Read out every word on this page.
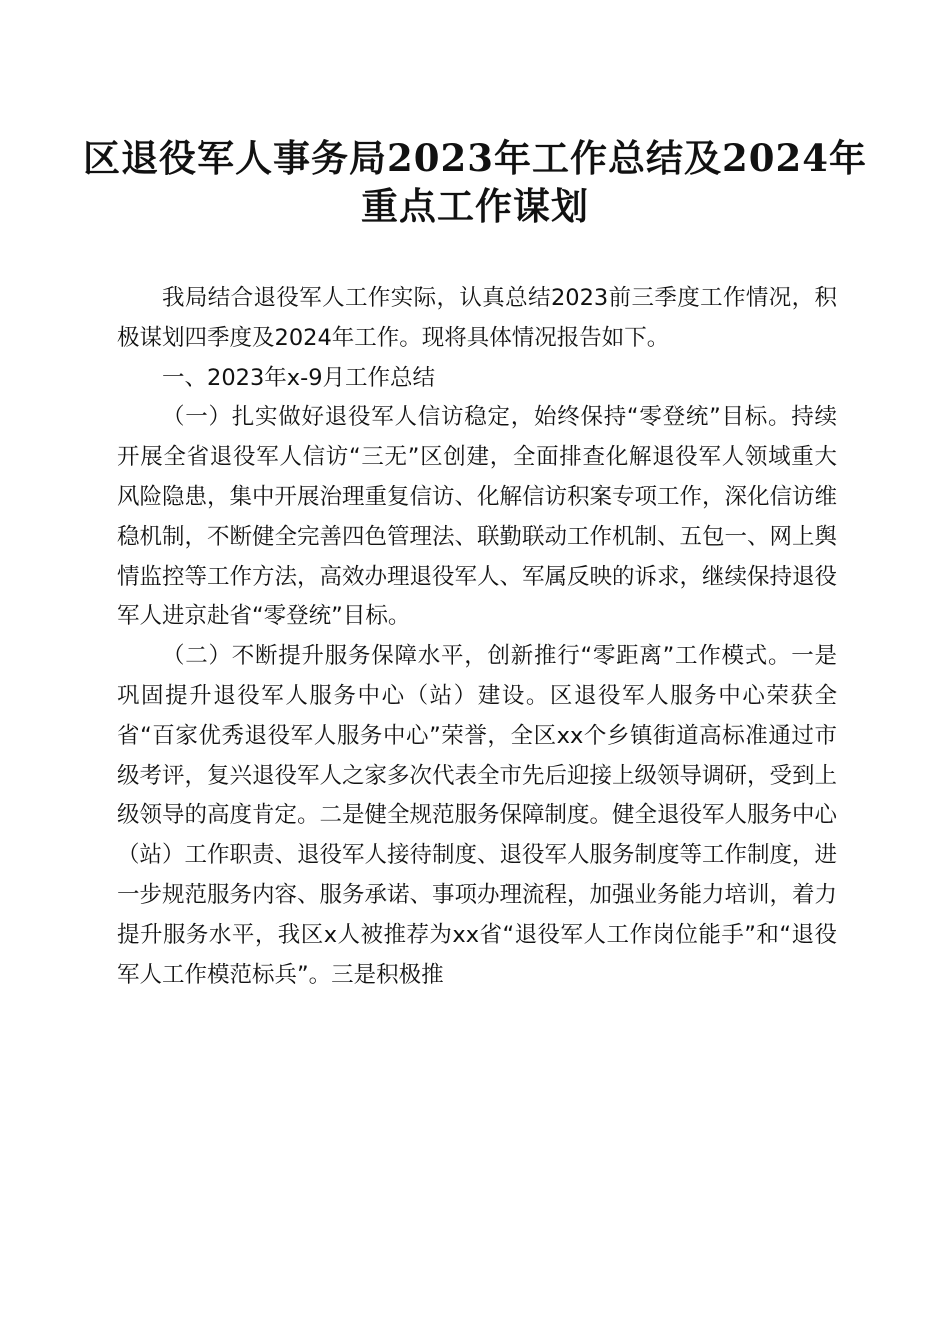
区退役军人事务局2023年工作总结及2024年
重点工作谋划

我局结合退役军人工作实际，认真总结2023前三季度工作情况，积极谋划四季度及2024年工作。现将具体情况报告如下。

一、2023年x-9月工作总结

（一）扎实做好退役军人信访稳定，始终保持“零登统”目标。持续开展全省退役军人信访“三无”区创建，全面排查化解退役军人领域重大风险隐患，集中开展治理重复信访、化解信访积案专项工作，深化信访维稳机制，不断健全完善四色管理法、联勤联动工作机制、五包一、网上舆情监控等工作方法，高效办理退役军人、军属反映的诉求，继续保持退役军人进京赴省“零登统”目标。

（二）不断提升服务保障水平，创新推行“零距离”工作模式。一是巩固提升退役军人服务中心（站）建设。区退役军人服务中心荣获全省“百家优秀退役军人服务中心”荣誉，全区xx个乡镇街道高标准通过市级考评，复兴退役军人之家多次代表全市先后迎接上级领导调研，受到上级领导的高度肯定。二是健全规范服务保障制度。健全退役军人服务中心（站）工作职责、退役军人接待制度、退役军人服务制度等工作制度，进一步规范服务内容、服务承诺、事项办理流程，加强业务能力培训，着力提升服务水平，我区x人被推荐为xx省“退役军人工作岗位能手”和“退役军人工作模范标兵”。三是积极推
